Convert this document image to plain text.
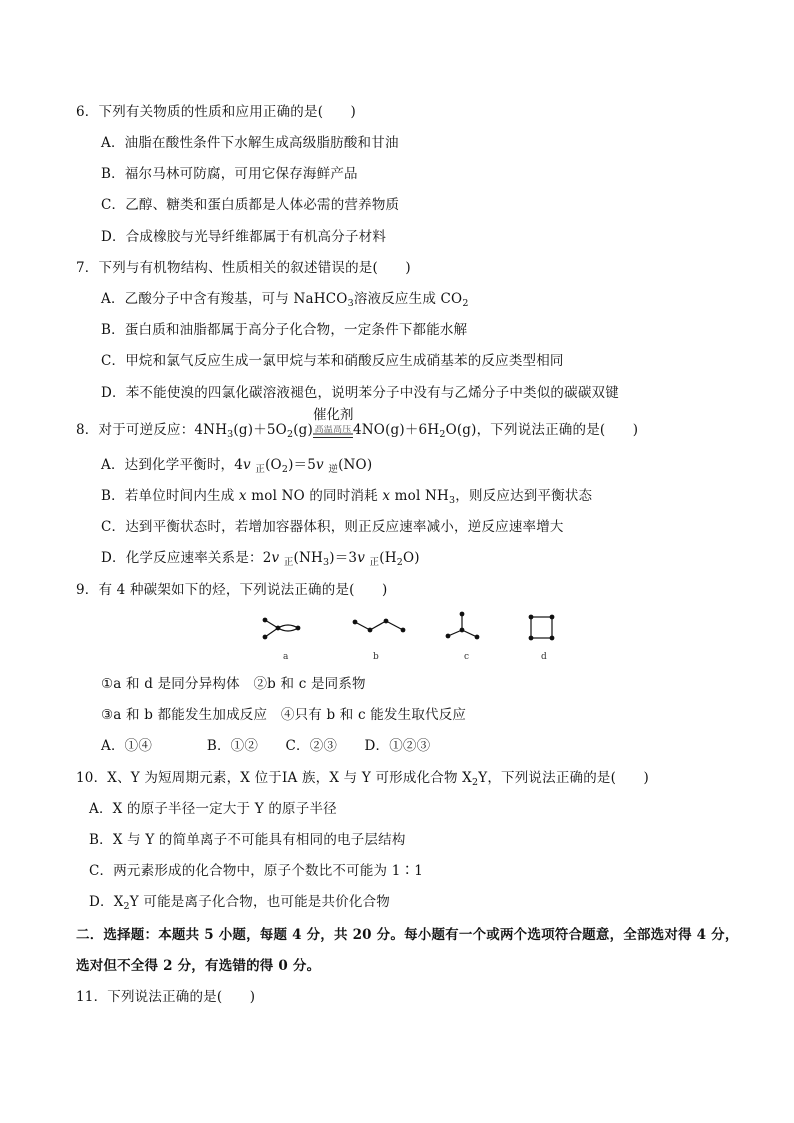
6．下列有关物质的性质和应用正确的是(　　)
A．油脂在酸性条件下水解生成高级脂肪酸和甘油
B．福尔马林可防腐，可用它保存海鲜产品
C．乙醇、糖类和蛋白质都是人体必需的营养物质
D．合成橡胶与光导纤维都属于有机高分子材料
7．下列与有机物结构、性质相关的叙述错误的是(　　)
A．乙酸分子中含有羧基，可与 NaHCO$_3$溶液反应生成 $CO_2$
B．蛋白质和油脂都属于高分子化合物，一定条件下都能水解
C．甲烷和氯气反应生成一氯甲烷与苯和硝酸反应生成硝基苯的反应类型相同
D．苯不能使溴的四氯化碳溶液褪色，说明苯分子中没有与乙烯分子中类似的碳碳双键
8．对于可逆反应：$4NH_3(g)+5O_2(g)$
催化剂
高温高压 $4NO(g)+6H_2O(g)$，下列说法正确的是(　　)
A．达到化学平衡时，4v $_正(O_2)=5v$ $_逆$(NO)
B．若单位时间内生成 x mol NO 的同时消耗 x mol $NH_3$，则反应达到平衡状态
C．达到平衡状态时，若增加容器体积，则正反应速率减小，逆反应速率增大
D．化学反应速率关系是：2v $_正(NH_3)=3v$ $_正(H_2O)$
9．有 4 种碳架如下的烃，下列说法正确的是(　　)
a	b	c	d
①a 和 d 是同分异构体　②b 和 c 是同系物
③a 和 b 都能发生加成反应　④只有 b 和 c 能发生取代反应
A．①④　　　　B．①②　　C．②③　　D．①②③
10．X、Y 为短周期元素，X 位于ⅠA 族，X 与 Y 可形成化合物 $X_2Y$，下列说法正确的是(　　)
A．X 的原子半径一定大于 Y 的原子半径
B．X 与 Y 的简单离子不可能具有相同的电子层结构
C．两元素形成的化合物中，原子个数比不可能为 1∶1
D．$X_2Y$ 可能是离子化合物，也可能是共价化合物
二．选择题：本题共 5 小题，每题 4 分，共 20 分。每小题有一个或两个选项符合题意，全部选对得 4 分，
选对但不全得 2 分，有选错的得 0 分。
11．下列说法正确的是(　　)
